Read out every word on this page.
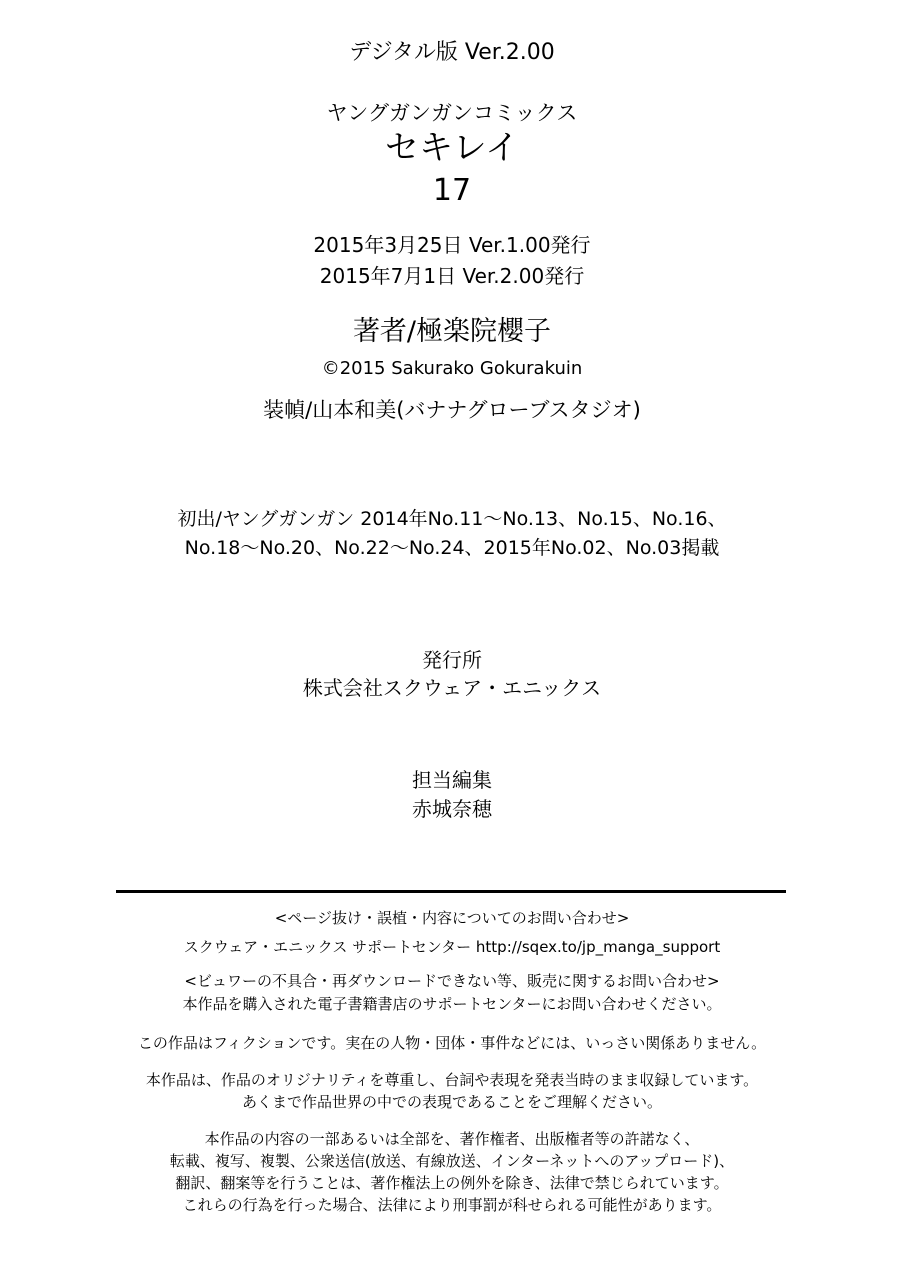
デジタル版 Ver.2.00
ヤングガンガンコミックス
セキレイ
17
2015年3月25日 Ver.1.00発行
2015年7月1日 Ver.2.00発行
著者/極楽院櫻子
©2015 Sakurako Gokurakuin
装幀/山本和美(バナナグローブスタジオ)
初出/ヤングガンガン 2014年No.11〜No.13、No.15、No.16、
No.18〜No.20、No.22〜No.24、2015年No.02、No.03掲載
発行所
株式会社スクウェア・エニックス
担当編集
赤城奈穂
<ページ抜け・誤植・内容についてのお問い合わせ>
スクウェア・エニックス サポートセンター http://sqex.to/jp_manga_support
<ビュワーの不具合・再ダウンロードできない等、販売に関するお問い合わせ>
本作品を購入された電子書籍書店のサポートセンターにお問い合わせください。
この作品はフィクションです。実在の人物・団体・事件などには、いっさい関係ありません。
本作品は、作品のオリジナリティを尊重し、台詞や表現を発表当時のまま収録しています。
あくまで作品世界の中での表現であることをご理解ください。
本作品の内容の一部あるいは全部を、著作権者、出版権者等の許諾なく、
転載、複写、複製、公衆送信(放送、有線放送、インターネットへのアップロード)、
翻訳、翻案等を行うことは、著作権法上の例外を除き、法律で禁じられています。
これらの行為を行った場合、法律により刑事罰が科せられる可能性があります。
